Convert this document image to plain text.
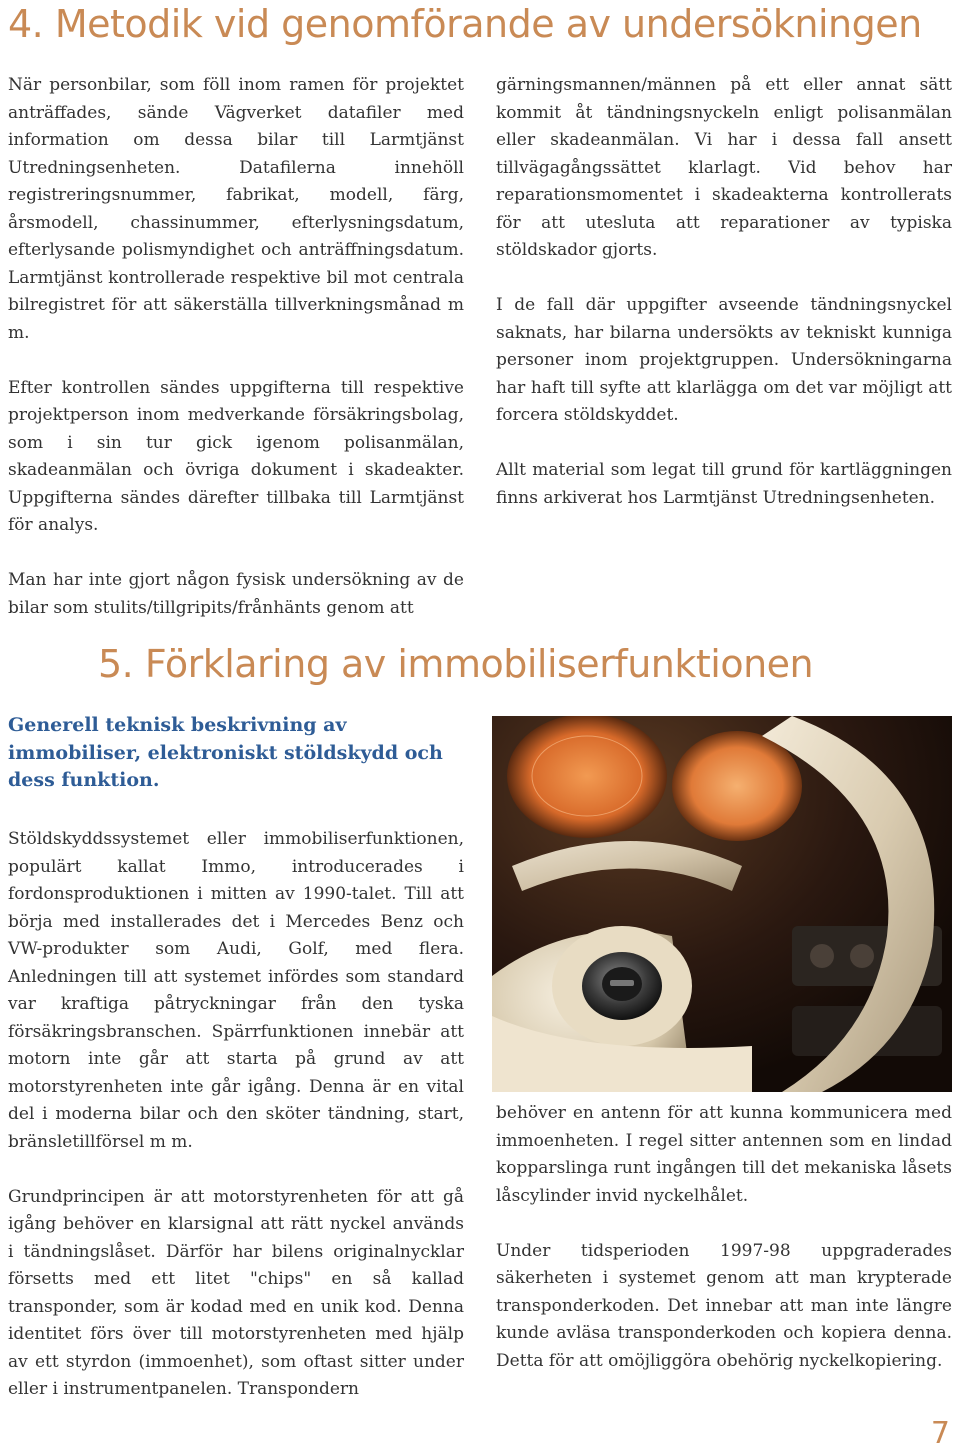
4. Metodik vid genomförande av undersökningen

När personbilar, som föll inom ramen för projektet anträffades, sände Vägverket datafiler med information om dessa bilar till Larmtjänst Utredningsenheten. Datafilerna innehöll registreringsnummer, fabrikat, modell, färg, årsmodell, chassinummer, efterlysningsdatum, efterlysande polismyndighet och anträffningsdatum. Larmtjänst kontrollerade respektive bil mot centrala bilregistret för att säkerställa tillverkningsmånad m m.

Efter kontrollen sändes uppgifterna till respektive projektperson inom medverkande försäkringsbolag, som i sin tur gick igenom polisanmälan, skadeanmälan och övriga dokument i skadeakter. Uppgifterna sändes därefter tillbaka till Larmtjänst för analys.

Man har inte gjort någon fysisk undersökning av de bilar som stulits/tillgripits/frånhänts genom att

gärningsmannen/männen på ett eller annat sätt kommit åt tändningsnyckeln enligt polisanmälan eller skadeanmälan. Vi har i dessa fall ansett tillvägagångssättet klarlagt. Vid behov har reparationsmomentet i skadeakterna kontrollerats för att utesluta att reparationer av typiska stöldskador gjorts.

I de fall där uppgifter avseende tändningsnyckel saknats, har bilarna undersökts av tekniskt kunniga personer inom projektgruppen. Undersökningarna har haft till syfte att klarlägga om det var möjligt att forcera stöldskyddet.

Allt material som legat till grund för kartläggningen finns arkiverat hos Larmtjänst Utredningsenheten.

5. Förklaring av immobiliserfunktionen
Generell teknisk beskrivning av immobiliser, elektroniskt stöldskydd och dess funktion.

Stöldskyddssystemet eller immobiliserfunktionen, populärt kallat Immo, introducerades i fordonsproduktionen i mitten av 1990-talet. Till att börja med installerades det i Mercedes Benz och VW-produkter som Audi, Golf, med flera. Anledningen till att systemet infördes som standard var kraftiga påtryckningar från den tyska försäkringsbranschen. Spärrfunktionen innebär att motorn inte går att starta på grund av att motorstyrenheten inte går igång. Denna är en vital del i moderna bilar och den sköter tändning, start, bränsletillförsel m m.

Grundprincipen är att motorstyrenheten för att gå igång behöver en klarsignal att rätt nyckel används i tändningslåset. Därför har bilens originalnycklar försetts med ett litet "chips" en så kallad transponder, som är kodad med en unik kod. Denna identitet förs över till motorstyrenheten med hjälp av ett styrdon (immoenhet), som oftast sitter under eller i instrumentpanelen. Transpondern

behöver en antenn för att kunna kommunicera med immoenheten. I regel sitter antennen som en lindad kopparslinga runt ingången till det mekaniska låsets låscylinder invid nyckelhålet.

Under tidsperioden 1997-98 uppgraderades säkerheten i systemet genom att man krypterade transponderkoden. Det innebar att man inte längre kunde avläsa transponderkoden och kopiera denna. Detta för att omöjliggöra obehörig nyckelkopiering.

7
